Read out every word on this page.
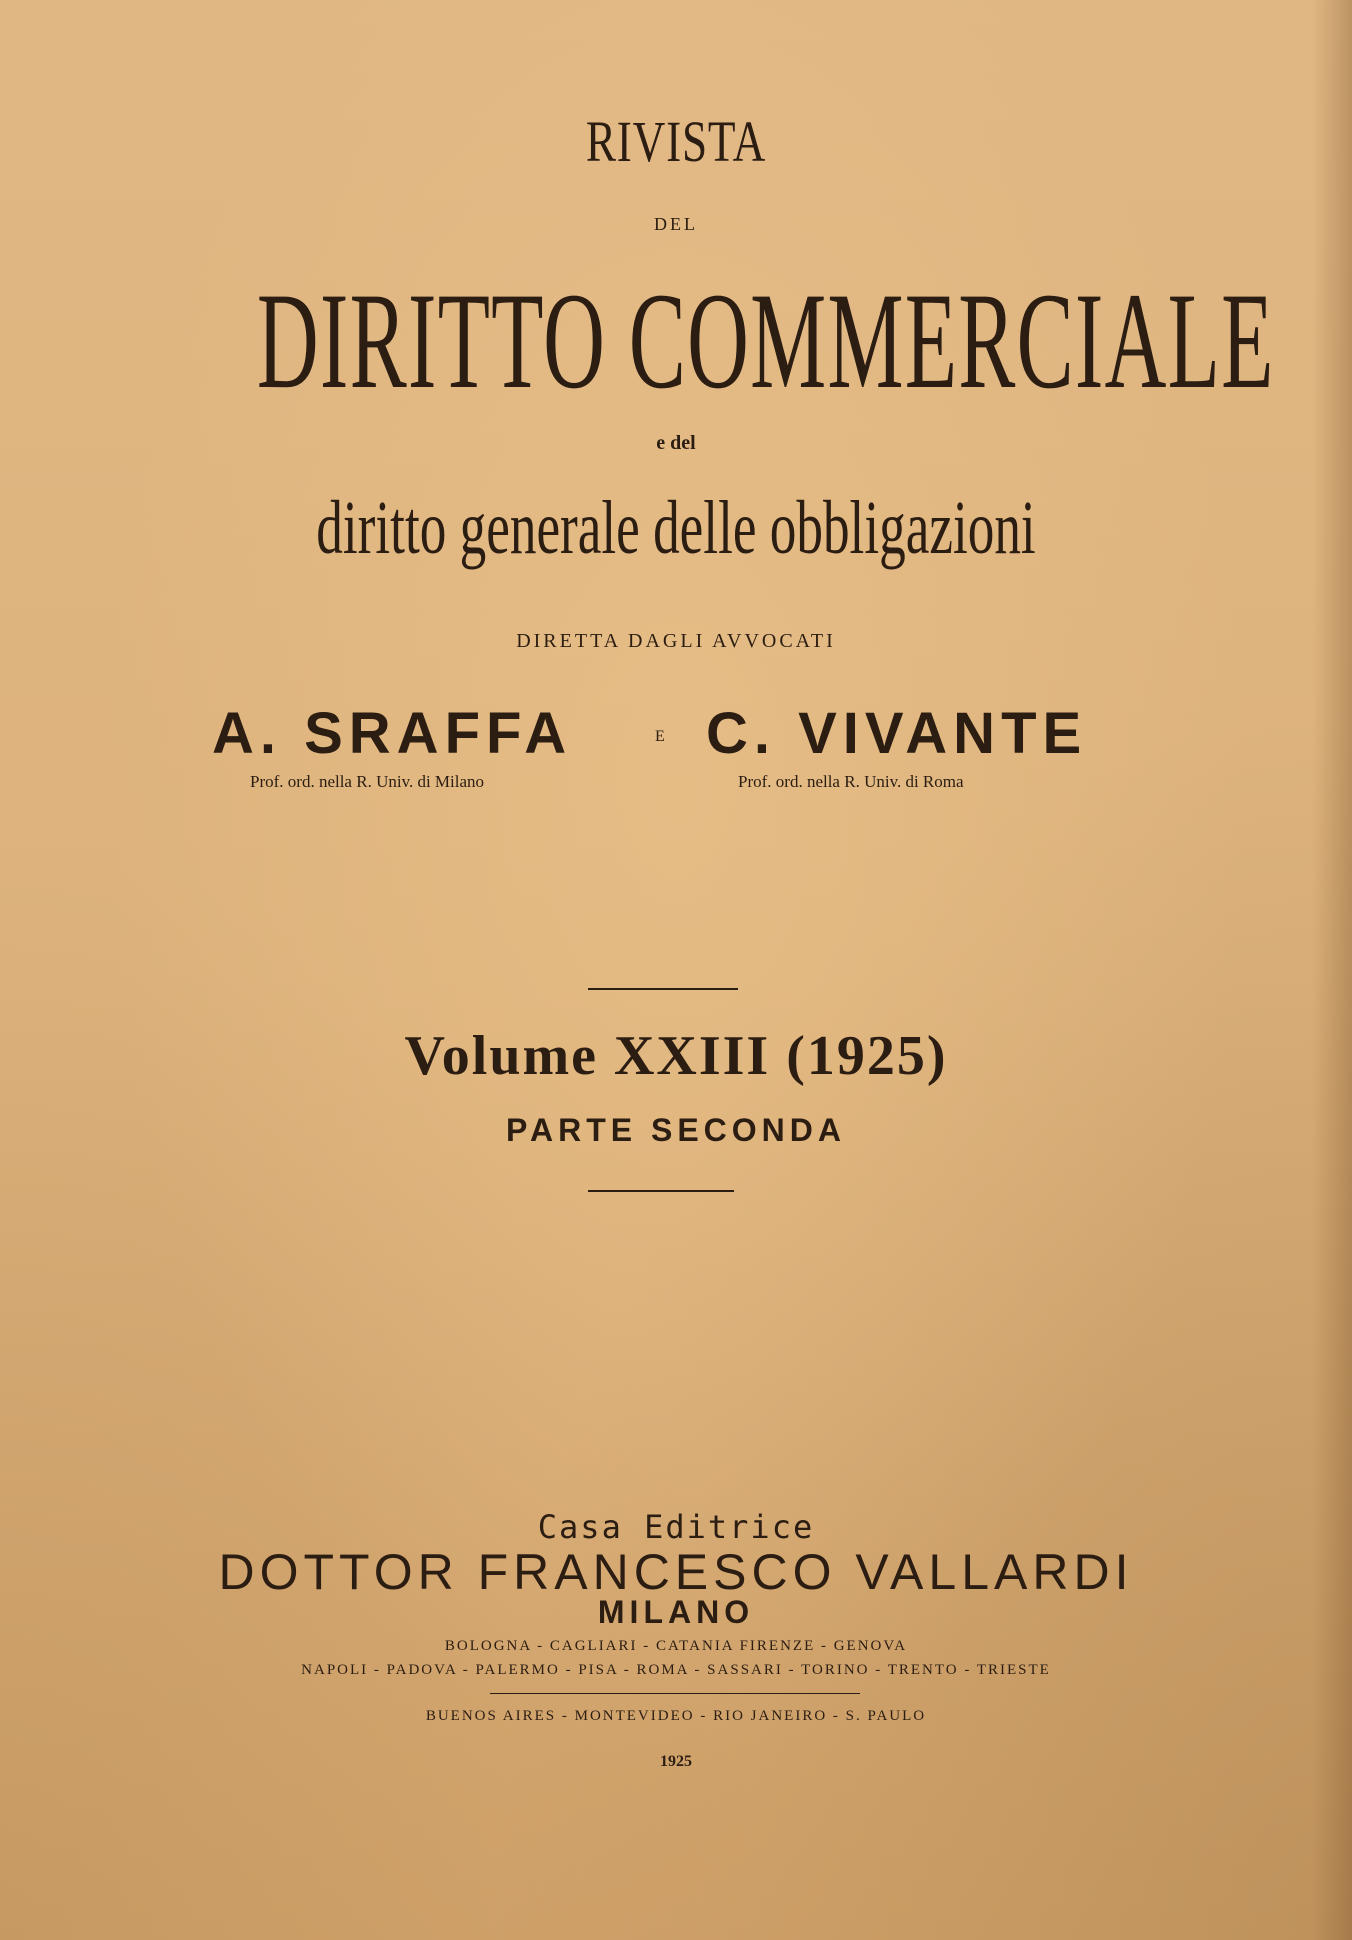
RIVISTA

DEL

DIRITTO COMMERCIALE

e del

diritto generale delle obbligazioni

DIRETTA DAGLI AVVOCATI

A. SRAFFA	E C. VIVANTE
Prof. ord. nella R. Univ. di Milano	Prof. ord. nella R. Univ. di Roma

Volume XXIII (1925)

PARTE SECONDA

Casa Editrice

DOTTOR FRANCESCO VALLARDI

MILANO

BOLOGNA - CAGLIARI - CATANIA FIRENZE - GENOVA

NAPOLI - PADOVA - PALERMO - PISA - ROMA - SASSARI - TORINO - TRENTO - TRIESTE

BUENOS AIRES - MONTEVIDEO - RIO JANEIRO - S. PAULO

1925
